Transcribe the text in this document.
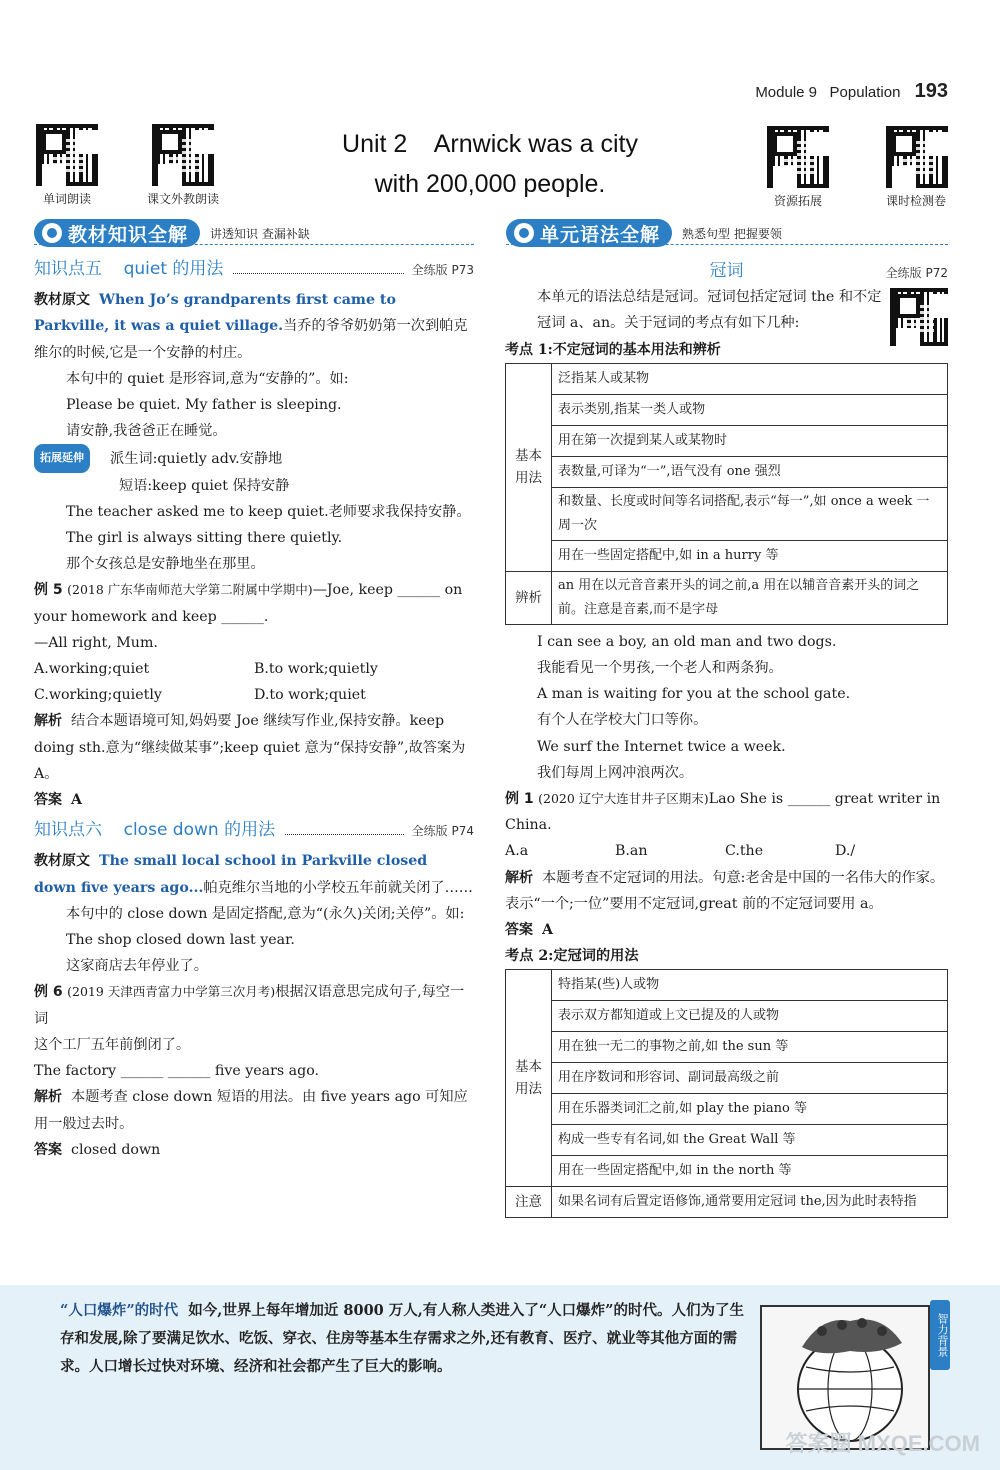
Module 9 Population 193
单词朗读	课文外教朗读	资源拓展	课时检测卷
Unit 2    Arnwick was a city
with 200,000 people.
教材知识全解 讲透知识 查漏补缺	单元语法全解 熟悉句型 把握要领
知识点五    quiet 的用法	全练版 P73

教材原文 When Jo’s grandparents first came to Parkville, it was a quiet village.当乔的爷爷奶奶第一次到帕克维尔的时候,它是一个安静的村庄。

本句中的 quiet 是形容词,意为“安静的”。如:

Please be quiet. My father is sleeping.

请安静,我爸爸正在睡觉。

拓展延伸 派生词:quietly adv.安静地

短语:keep quiet 保持安静

The teacher asked me to keep quiet.老师要求我保持安静。

The girl is always sitting there quietly.

那个女孩总是安静地坐在那里。

例 5 (2018 广东华南师范大学第二附属中学期中)—Joe, keep ______ on your homework and keep ______.

—All right, Mum.

A.working;quiet	B.to work;quietly
C.working;quietly	D.to work;quiet

解析 结合本题语境可知,妈妈要 Joe 继续写作业,保持安静。keep doing sth.意为“继续做某事”;keep quiet 意为“保持安静”,故答案为 A。

答案 A

知识点六    close down 的用法	全练版 P74

教材原文 The small local school in Parkville closed down five years ago...帕克维尔当地的小学校五年前就关闭了……

本句中的 close down 是固定搭配,意为“(永久)关闭;关停”。如:

The shop closed down last year.

这家商店去年停业了。

例 6 (2019 天津西青富力中学第三次月考)根据汉语意思完成句子,每空一词

这个工厂五年前倒闭了。

The factory ______ ______ five years ago.

解析 本题考查 close down 短语的用法。由 five years ago 可知应用一般过去时。

答案 closed down

冠词	全练版 P72

本单元的语法总结是冠词。冠词包括定冠词 the 和不定冠词 a、an。关于冠词的考点有如下几种:

考点 1:不定冠词的基本用法和辨析

基本用法	泛指某人或某物
	表示类别,指某一类人或物
	用在第一次提到某人或某物时
	表数量,可译为“一”,语气没有 one 强烈
	和数量、长度或时间等名词搭配,表示“每一”,如 once a week 一周一次
	用在一些固定搭配中,如 in a hurry 等
辨析	an 用在以元音音素开头的词之前,a 用在以辅音音素开头的词之前。注意是音素,而不是字母

I can see a boy, an old man and two dogs.

我能看见一个男孩,一个老人和两条狗。

A man is waiting for you at the school gate.

有个人在学校大门口等你。

We surf the Internet twice a week.

我们每周上网冲浪两次。

例 1 (2020 辽宁大连甘井子区期末)Lao She is ______ great writer in China.

A.a	B.an	C.the	D./

解析 本题考查不定冠词的用法。句意:老舍是中国的一名伟大的作家。表示“一个;一位”要用不定冠词,great 前的不定冠词要用 a。

答案 A

考点 2:定冠词的用法

基本用法	特指某(些)人或物
	表示双方都知道或上文已提及的人或物
	用在独一无二的事物之前,如 the sun 等
	用在序数词和形容词、副词最高级之前
	用在乐器类词汇之前,如 play the piano 等
	构成一些专有名词,如 the Great Wall 等
	用在一些固定搭配中,如 in the north 等
注意	如果名词有后置定语修饰,通常要用定冠词 the,因为此时表特指
“人口爆炸”的时代 如今,世界上每年增加近 8000 万人,有人称人类进入了“人口爆炸”的时代。人们为了生存和发展,除了要满足饮水、吃饭、穿衣、住房等基本生存需求之外,还有教育、医疗、就业等其他方面的需求。人口增长过快对环境、经济和社会都产生了巨大的影响。
智力背景
答案圈 MXQE.COM
